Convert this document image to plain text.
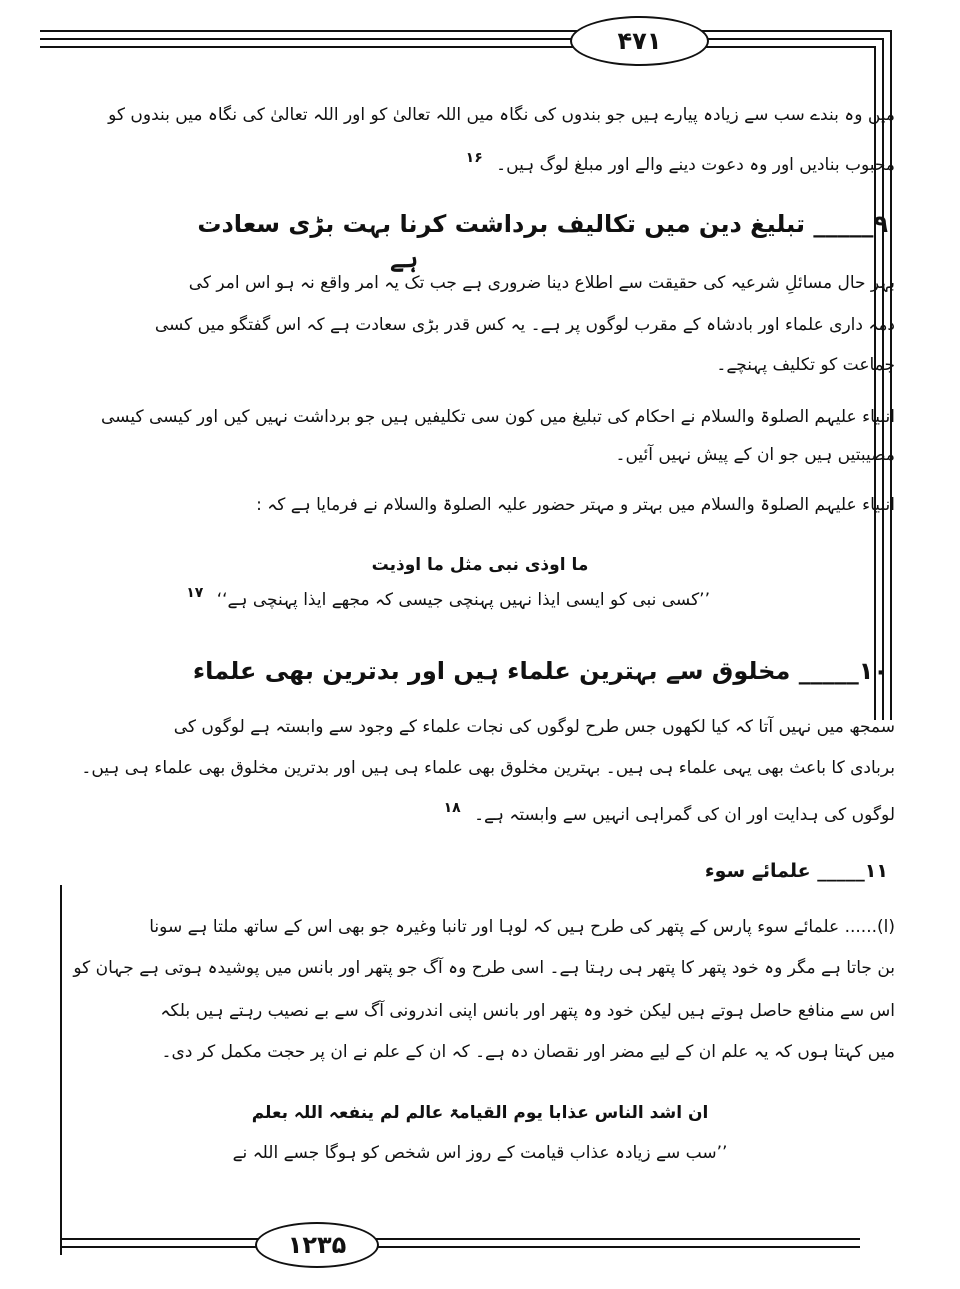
۴۷۱
۱۲۳۵
میں وہ بندے سب سے زیادہ پیارے ہیں جو بندوں کی نگاہ میں اللہ تعالیٰ کو اور اللہ تعالیٰ کی نگاہ میں بندوں کو
محبوب بنادیں اور وہ دعوت دینے والے اور مبلغ لوگ ہیں۔ $^{۱۶}$
۹_____ تبلیغ دین میں تکالیف برداشت کرنا بہت بڑی سعادت
ہے
بہر حال مسائلِ شرعیہ کی حقیقت سے اطلاع دینا ضروری ہے جب تک یہ امر واقع نہ ہو اس امر کی
ذمہ داری علماء اور بادشاہ کے مقرب لوگوں پر ہے۔ یہ کس قدر بڑی سعادت ہے کہ اس گفتگو میں کسی
جماعت کو تکلیف پہنچے۔
انبیاء علیہم الصلوۃ والسلام نے احکام کی تبلیغ میں کون سی تکلیفیں ہیں جو برداشت نہیں کیں اور کیسی کیسی
مصیبتیں ہیں جو ان کے پیش نہیں آئیں۔
انبیاء علیہم الصلوۃ والسلام میں بہتر و مہتر حضور علیہ الصلوۃ والسلام نے فرمایا ہے کہ :
ما اوذی نبی مثل ما اوذیت
’’کسی نبی کو ایسی ایذا نہیں پہنچی جیسی کہ مجھے ایذا پہنچی ہے‘‘ $^{۱۷}$
۱۰_____ مخلوق سے بہترین علماء ہیں اور بدترین بھی علماء
سمجھ میں نہیں آتا کہ کیا لکھوں جس طرح لوگوں کی نجات علماء کے وجود سے وابستہ ہے لوگوں کی
بربادی کا باعث بھی یہی علماء ہی ہیں۔ بہترین مخلوق بھی علماء ہی ہیں اور بدترین مخلوق بھی علماء ہی ہیں۔
لوگوں کی ہدایت اور ان کی گمراہی انہیں سے وابستہ ہے۔ $^{۱۸}$
۱۱_____ علمائے سوء
(ا)...... علمائے سوء پارس کے پتھر کی طرح ہیں کہ لوہا اور تانبا وغیرہ جو بھی اس کے ساتھ ملتا ہے سونا
بن جاتا ہے مگر وہ خود پتھر کا پتھر ہی رہتا ہے۔ اسی طرح وہ آگ جو پتھر اور بانس میں پوشیدہ ہوتی ہے جہان کو
اس سے منافع حاصل ہوتے ہیں لیکن خود وہ پتھر اور بانس اپنی اندرونی آگ سے بے نصیب رہتے ہیں بلکہ
میں کہتا ہوں کہ یہ علم ان کے لیے مضر اور نقصان دہ ہے۔ کہ ان کے علم نے ان پر حجت مکمل کر دی۔
ان اشد الناس عذابا یوم القیامۃ عالم لم ینفعہ اللہ بعلم
’’سب سے زیادہ عذاب قیامت کے روز اس شخص کو ہوگا جسے اللہ نے
